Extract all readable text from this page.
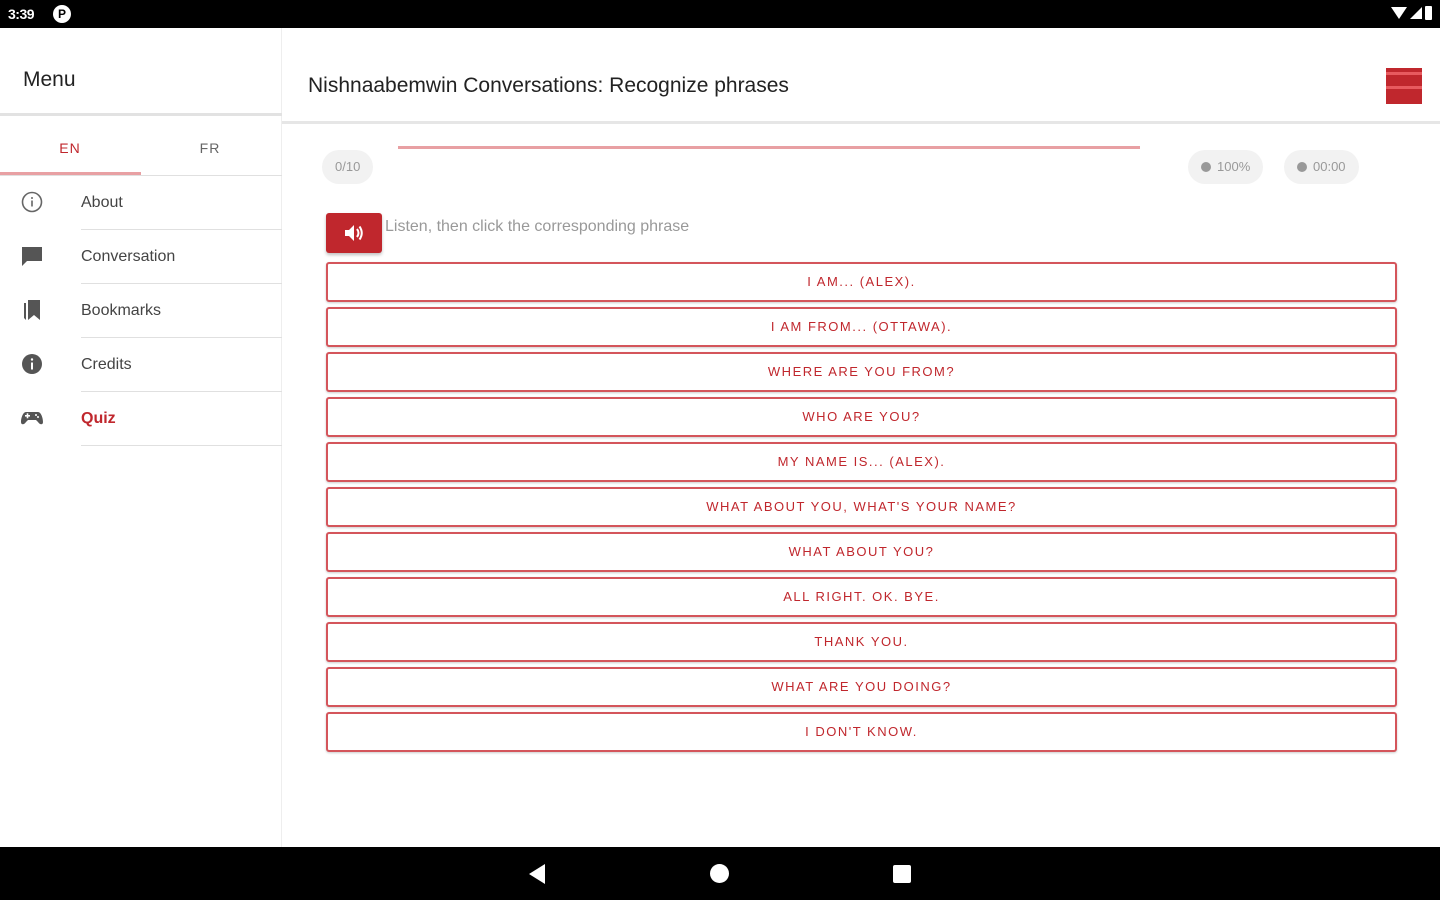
3:39	P
Menu
EN	FR
About
Conversation
Bookmarks
Credits
Quiz
Nishnaabemwin Conversations: Recognize phrases
0/10	100%	00:00
Listen, then click the corresponding phrase
I AM... (ALEX).
I AM FROM... (OTTAWA).
WHERE ARE YOU FROM?
WHO ARE YOU?
MY NAME IS... (ALEX).
WHAT ABOUT YOU, WHAT'S YOUR NAME?
WHAT ABOUT YOU?
ALL RIGHT. OK. BYE.
THANK YOU.
WHAT ARE YOU DOING?
I DON'T KNOW.
